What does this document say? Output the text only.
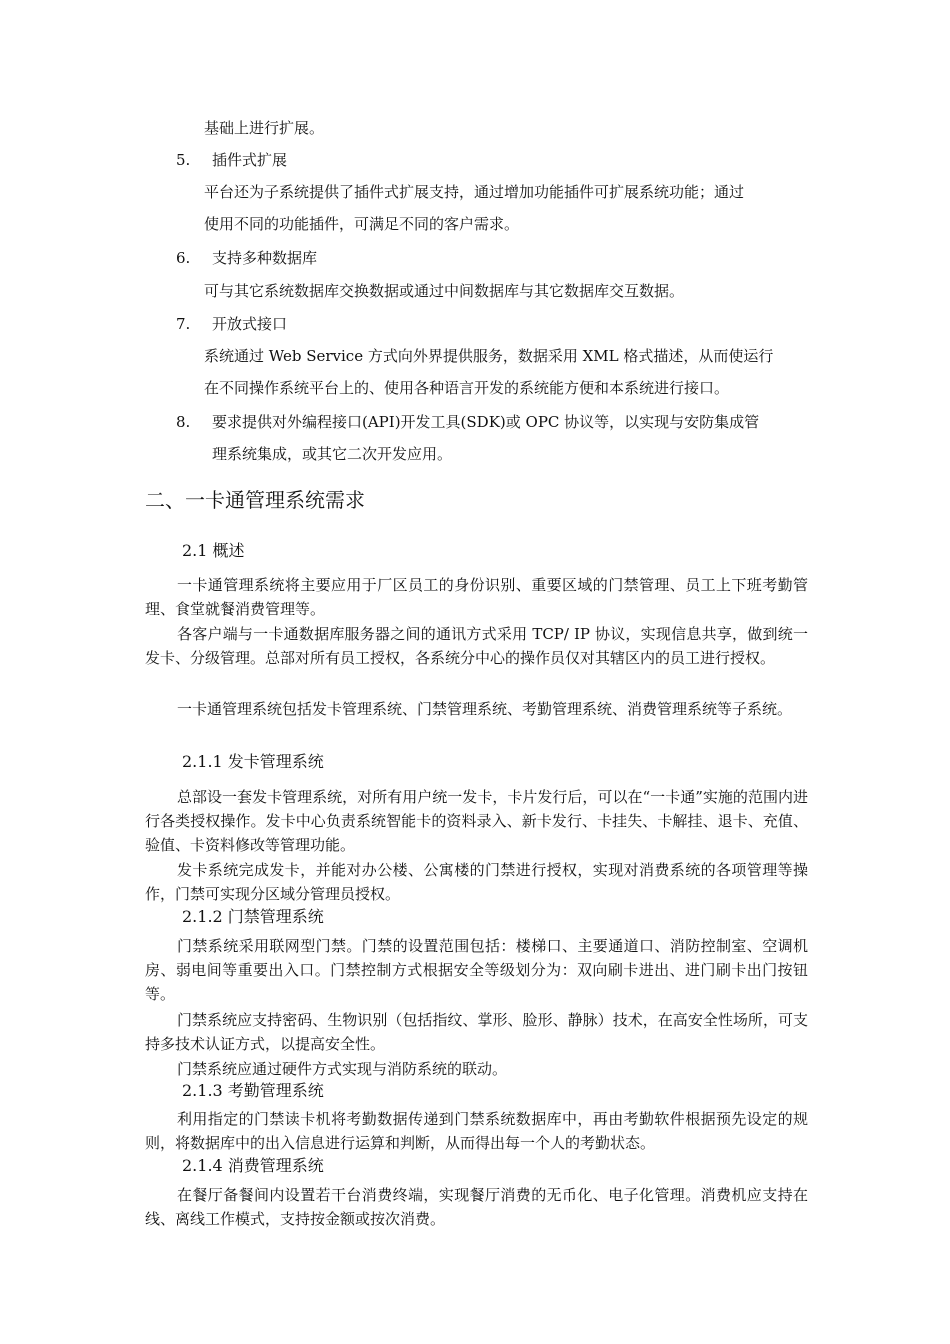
基础上进行扩展。
5. 插件式扩展
平台还为子系统提供了插件式扩展支持，通过增加功能插件可扩展系统功能；通过
使用不同的功能插件，可满足不同的客户需求。
6. 支持多种数据库
可与其它系统数据库交换数据或通过中间数据库与其它数据库交互数据。
7. 开放式接口
系统通过 Web Service 方式向外界提供服务，数据采用 XML 格式描述，从而使运行
在不同操作系统平台上的、使用各种语言开发的系统能方便和本系统进行接口。
8. 要求提供对外编程接口(API)开发工具(SDK)或 OPC 协议等，以实现与安防集成管
理系统集成，或其它二次开发应用。
二、一卡通管理系统需求
2.1 概述
一卡通管理系统将主要应用于厂区员工的身份识别、重要区域的门禁管理、员工上下班考勤管理、食堂就餐消费管理等。
各客户端与一卡通数据库服务器之间的通讯方式采用 TCP/ IP 协议，实现信息共享，做到统一发卡、分级管理。总部对所有员工授权，各系统分中心的操作员仅对其辖区内的员工进行授权。
一卡通管理系统包括发卡管理系统、门禁管理系统、考勤管理系统、消费管理系统等子系统。
2.1.1 发卡管理系统
总部设一套发卡管理系统，对所有用户统一发卡，卡片发行后，可以在“一卡通”实施的范围内进行各类授权操作。发卡中心负责系统智能卡的资料录入、新卡发行、卡挂失、卡解挂、退卡、充值、验值、卡资料修改等管理功能。
发卡系统完成发卡，并能对办公楼、公寓楼的门禁进行授权，实现对消费系统的各项管理等操作，门禁可实现分区域分管理员授权。
2.1.2 门禁管理系统
门禁系统采用联网型门禁。门禁的设置范围包括：楼梯口、主要通道口、消防控制室、空调机房、弱电间等重要出入口。门禁控制方式根据安全等级划分为：双向刷卡进出、进门刷卡出门按钮等。
门禁系统应支持密码、生物识别（包括指纹、掌形、脸形、静脉）技术，在高安全性场所，可支持多技术认证方式，以提高安全性。
门禁系统应通过硬件方式实现与消防系统的联动。
2.1.3 考勤管理系统
利用指定的门禁读卡机将考勤数据传递到门禁系统数据库中，再由考勤软件根据预先设定的规则，将数据库中的出入信息进行运算和判断，从而得出每一个人的考勤状态。
2.1.4 消费管理系统
在餐厅备餐间内设置若干台消费终端，实现餐厅消费的无币化、电子化管理。消费机应支持在线、离线工作模式，支持按金额或按次消费。
